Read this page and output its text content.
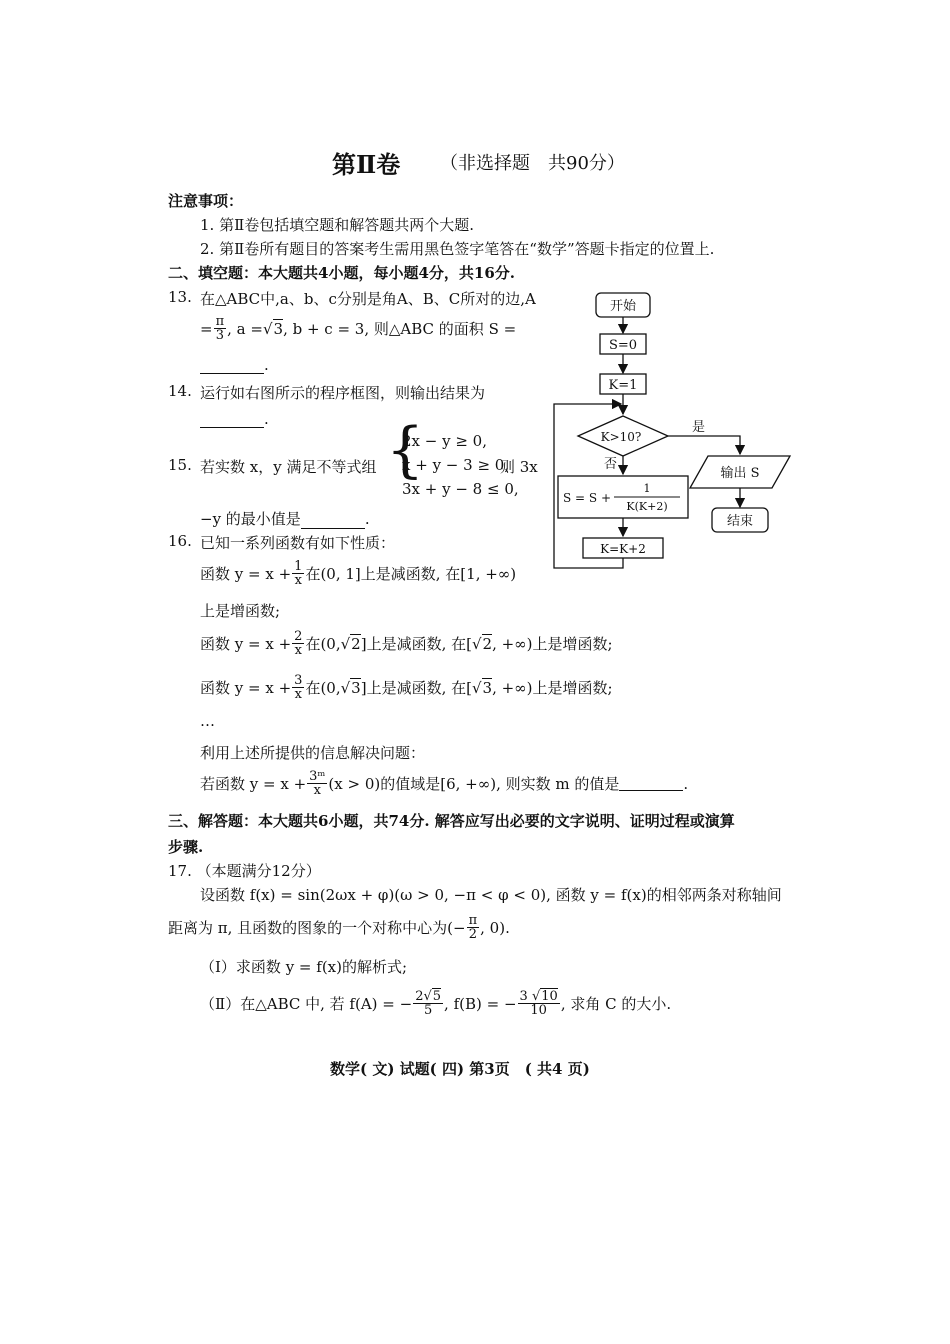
第Ⅱ卷 （非选择题　共90分）
注意事项：
1. 第Ⅱ卷包括填空题和解答题共两个大题.
2. 第Ⅱ卷所有题目的答案考生需用黑色签字笔答在“数学”答题卡指定的位置上.
二、填空题：本大题共4小题，每小题4分，共16分.
13. 在△ABC中,a、b、c分别是角A、B、C所对的边,A
= $\frac{\pi}{3}$ , a = √ 3 , b + c = 3, 则△ABC 的面积 S =
.
14. 运行如右图所示的程序框图，则输出结果为
.
15. 若实数 x，y 满足不等式组 {
2x − y ≥ 0,
x + y − 3 ≥ 0,
3x + y − 8 ≤ 0,
则 3x
−y 的最小值是	.
16. 已知一系列函数有如下性质：
函数 $y = x + \frac{1}{x}$ 在(0, 1]上是减函数, 在[1, +∞)
上是增函数;
函数 $y = x + \frac{2}{x}$ 在(0, √ 2 ]上是减函数, 在[ √ 2 , +∞)上是增函数;
函数 $y = x + \frac{3}{x}$ 在(0, √ 3 ]上是减函数, 在[ √ 3 , +∞)上是增函数;
…
利用上述所提供的信息解决问题：
若函数 $y = x + \frac{\text{3ᵐ}}{x} (x > 0)$的值域是[6, +∞), 则实数 m 的值是	.
三、解答题：本大题共6小题，共74分. 解答应写出必要的文字说明、证明过程或演算
步骤.
17. （本题满分12分）
设函数 f(x) = sin(2ωx + φ)(ω > 0, −π < φ < 0), 函数 y = f(x)的相邻两条对称轴间
距离为 π, 且函数的图象的一个对称中心为(− $\frac{\pi}{2}$ , 0).
（Ⅰ）求函数 y = f(x)的解析式;
（Ⅱ）在△ABC 中, 若 f(A) = − $\frac{2√5}{5}$ , f(B) = − $\frac{3 √10}{10}$ , 求角 C 的大小.
数学( 文) 试题( 四) 第3页　( 共4 页)
开始
S=0
K=1
K>10?
是
否
输出 S
结束
S = S +
1
K(K+2)
K=K+2
